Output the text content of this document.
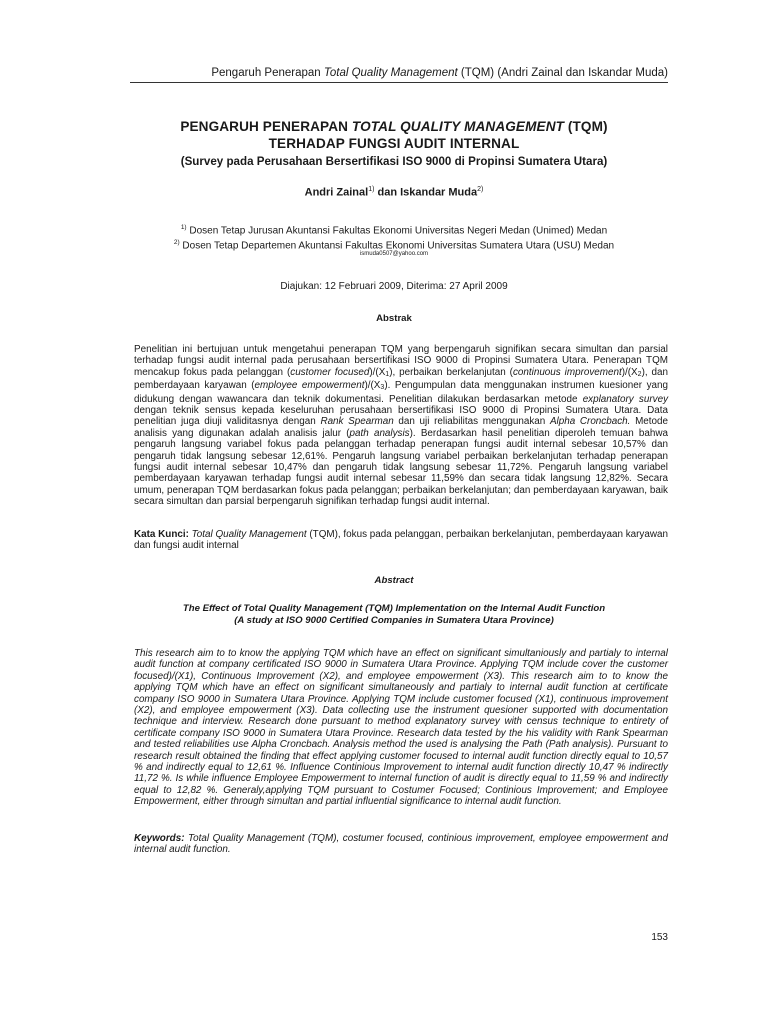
Pengaruh Penerapan Total Quality Management (TQM) (Andri Zainal dan Iskandar Muda)
PENGARUH PENERAPAN TOTAL QUALITY MANAGEMENT (TQM)
TERHADAP FUNGSI AUDIT INTERNAL
(Survey pada Perusahaan Bersertifikasi ISO 9000 di Propinsi Sumatera Utara)
Andri Zainal$^{1)}$ dan Iskandar Muda$^{2)}$
$^{1)}$ Dosen Tetap Jurusan Akuntansi Fakultas Ekonomi Universitas Negeri Medan (Unimed) Medan
$^{2)}$ Dosen Tetap Departemen Akuntansi Fakultas Ekonomi Universitas Sumatera Utara (USU) Medan
ismuda0507@yahoo.com
Diajukan: 12 Februari 2009, Diterima: 27 April 2009
Abstrak

Penelitian ini bertujuan untuk mengetahui penerapan TQM yang berpengaruh signifikan secara simultan dan parsial terhadap fungsi audit internal pada perusahaan bersertifikasi ISO 9000 di Propinsi Sumatera Utara. Penerapan TQM mencakup fokus pada pelanggan (customer $focused)/(X_1)$, perbaikan berkelanjutan (continuous $improvement)/(X_2)$, dan pemberdayaan karyawan (employee $empowerment)/(X_3)$. Pengumpulan data menggunakan instrumen kuesioner yang didukung dengan wawancara dan teknik dokumentasi. Penelitian dilakukan berdasarkan metode explanatory survey dengan teknik sensus kepada keseluruhan perusahaan bersertifikasi ISO 9000 di Propinsi Sumatera Utara. Data penelitian juga diuji validitasnya dengan Rank Spearman dan uji reliabilitas menggunakan Alpha Croncbach. Metode analisis yang digunakan adalah analisis jalur (path analysis). Berdasarkan hasil penelitian diperoleh temuan bahwa pengaruh langsung variabel fokus pada pelanggan terhadap penerapan fungsi audit internal sebesar 10,57% dan pengaruh tidak langsung sebesar 12,61%. Pengaruh langsung variabel perbaikan berkelanjutan terhadap penerapan fungsi audit internal sebesar 10,47% dan pengaruh tidak langsung sebesar 11,72%. Pengaruh langsung variabel pemberdayaan karyawan terhadap fungsi audit internal sebesar 11,59% dan secara tidak langsung 12,82%. Secara umum, penerapan TQM berdasarkan fokus pada pelanggan; perbaikan berkelanjutan; dan pemberdayaan karyawan, baik secara simultan dan parsial berpengaruh signifikan terhadap fungsi audit internal.

Kata Kunci: Total Quality Management (TQM), fokus pada pelanggan, perbaikan berkelanjutan, pemberdayaan karyawan dan fungsi audit internal
Abstract
The Effect of Total Quality Management (TQM) Implementation on the Internal Audit Function
(A study at ISO 9000 Certified Companies in Sumatera Utara Province)

This research aim to to know the applying TQM which have an effect on significant simultaniously and partialy to internal audit function at company certificated ISO 9000 in Sumatera Utara Province. Applying TQM include cover the customer focused)/(X1), Continuous Improvement (X2), and employee empowerment (X3). This research aim to to know the applying TQM which have an effect on significant simultaneously and partialy to internal audit function at certificate company ISO 9000 in Sumatera Utara Province. Applying TQM include customer focused (X1), continuous improvement (X2), and employee empowerment (X3). Data collecting use the instrument quesioner supported with documentation technique and interview. Research done pursuant to method explanatory survey with census technique to entirety of certificate company ISO 9000 in Sumatera Utara Province. Research data tested by the his validity with Rank Spearman and tested reliabilities use Alpha Croncbach. Analysis method the used is analysing the Path (Path analysis). Pursuant to research result obtained the finding that effect applying customer focused to internal audit function directly equal to 10,57 % and indirectly equal to 12,61 %. Influence Continious Improvement to internal audit function directly 10,47 % indirectly 11,72 %. Is while influence Employee Empowerment to internal function of audit is directly equal to 11,59 % and indirectly equal to 12,82 %. Generaly,applying TQM pursuant to Costumer Focused; Continious Improvement; and Employee Empowerment, either through simultan and partial influential significance to internal audit function.

Keywords: Total Quality Management (TQM), costumer focused, continious improvement, employee empowerment and internal audit function.
153
